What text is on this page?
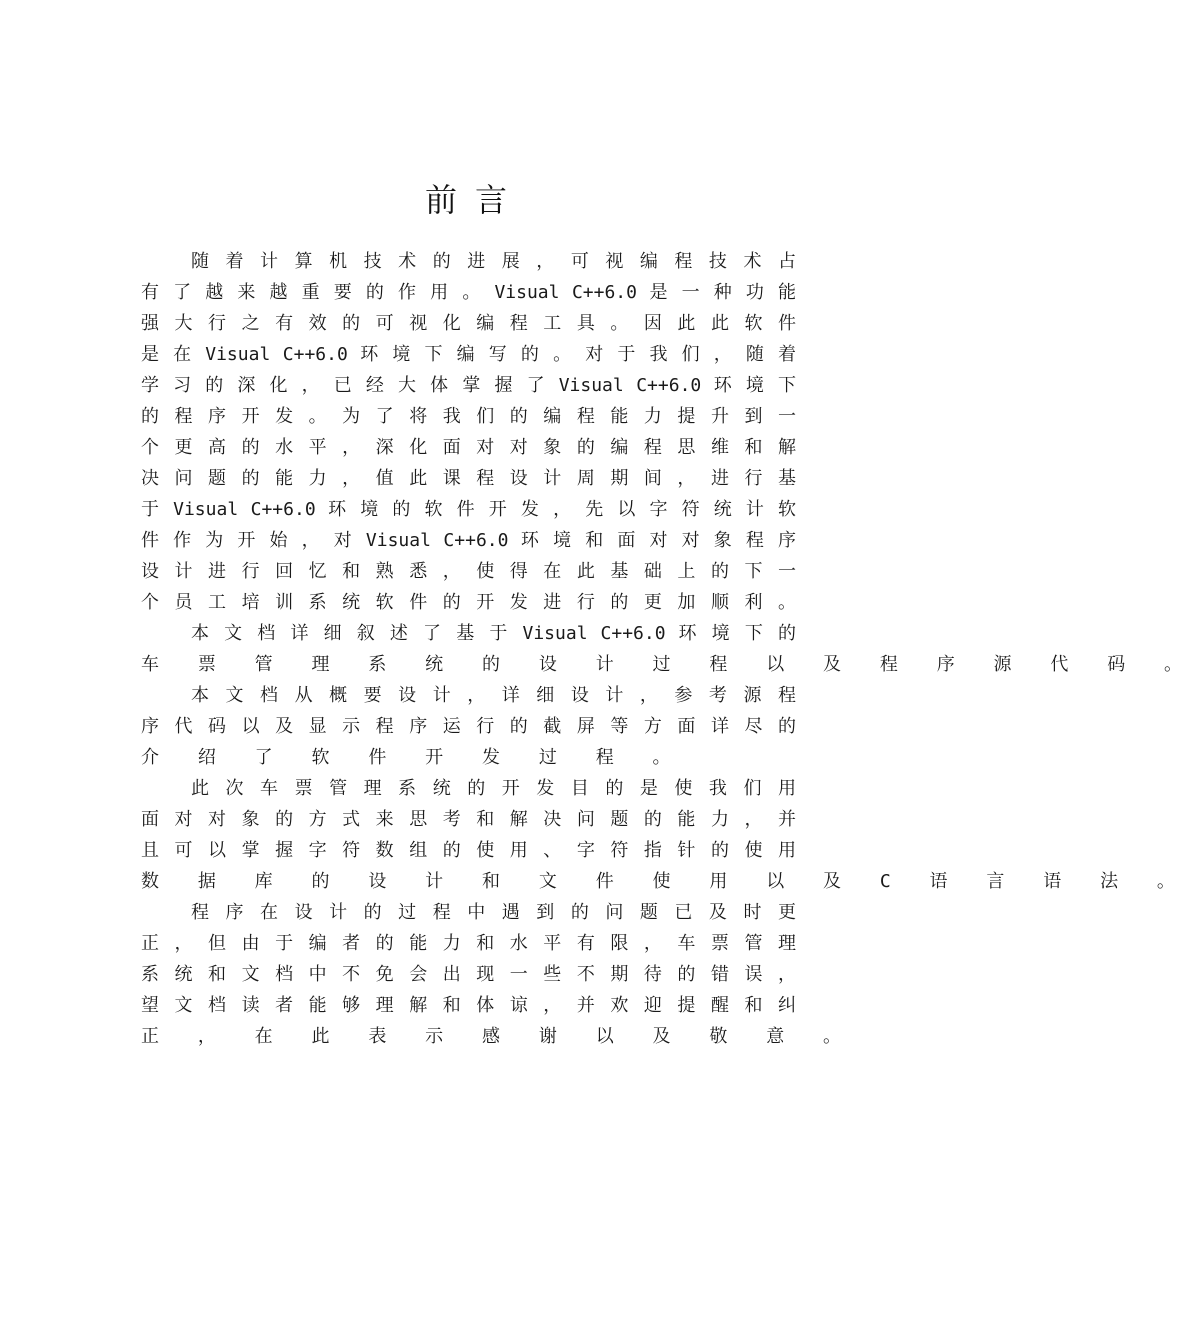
前言
随 着 计 算 机 技 术 的 进 展 ， 可 视 编 程 技 术 占
有 了 越 来 越 重 要 的 作 用 。 Visual C++6.0 是 一 种 功 能
强 大 行 之 有 效 的 可 视 化 编 程 工 具 。 因 此 此 软 件
是 在 Visual C++6.0 环 境 下 编 写 的 。 对 于 我 们 ， 随 着
学 习 的 深 化 ， 已 经 大 体 掌 握 了 Visual C++6.0 环 境 下
的 程 序 开 发 。 为 了 将 我 们 的 编 程 能 力 提 升 到 一
个 更 高 的 水 平 ， 深 化 面 对 对 象 的 编 程 思 维 和 解
决 问 题 的 能 力 ， 值 此 课 程 设 计 周 期 间 ， 进 行 基
于 Visual C++6.0 环 境 的 软 件 开 发 ， 先 以 字 符 统 计 软
件 作 为 开 始 ， 对 Visual C++6.0 环 境 和 面 对 对 象 程 序
设 计 进 行 回 忆 和 熟 悉 ， 使 得 在 此 基 础 上 的 下 一
个 员 工 培 训 系 统 软 件 的 开 发 进 行 的 更 加 顺 利 。
本 文 档 详 细 叙 述 了 基 于 Visual C++6.0 环 境 下 的
车 票 管 理 系 统 的 设 计 过 程 以 及 程 序 源 代 码 。
本 文 档 从 概 要 设 计 ， 详 细 设 计 ， 参 考 源 程
序 代 码 以 及 显 示 程 序 运 行 的 截 屏 等 方 面 详 尽 的
介 绍 了 软 件 开 发 过 程 。
此 次 车 票 管 理 系 统 的 开 发 目 的 是 使 我 们 用
面 对 对 象 的 方 式 来 思 考 和 解 决 问 题 的 能 力 ， 并
且 可 以 掌 握 字 符 数 组 的 使 用 、 字 符 指 针 的 使 用
数 据 库 的 设 计 和 文 件 使 用 以 及 C 语 言 语 法 。
程 序 在 设 计 的 过 程 中 遇 到 的 问 题 已 及 时 更
正 ， 但 由 于 编 者 的 能 力 和 水 平 有 限 ， 车 票 管 理
系 统 和 文 档 中 不 免 会 出 现 一 些 不 期 待 的 错 误 ，
望 文 档 读 者 能 够 理 解 和 体 谅 ， 并 欢 迎 提 醒 和 纠
正 ， 在 此 表 示 感 谢 以 及 敬 意 。
